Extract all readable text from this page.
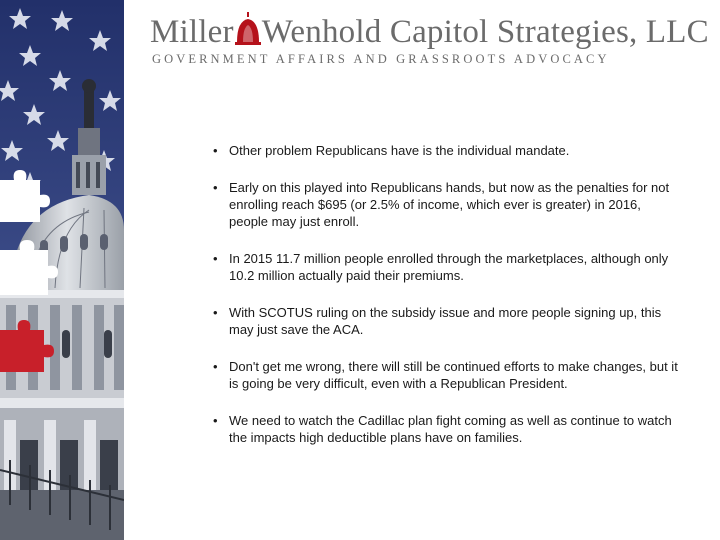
Miller Wenhold Capitol Strategies, LLC
GOVERNMENT AFFAIRS AND GRASSROOTS ADVOCACY
• Other problem Republicans have is the individual mandate.
• Early on this played into Republicans hands, but now as the penalties for not enrolling reach $695 (or 2.5% of income, which ever is greater) in 2016, people may just enroll.
• In 2015 11.7 million people enrolled through the marketplaces, although only 10.2 million actually paid their premiums.
• With SCOTUS ruling on the subsidy issue and more people signing up, this may just save the ACA.
• Don't get me wrong, there will still be continued efforts to make changes, but it is going be very difficult, even with a Republican President.
• We need to watch the Cadillac plan fight coming as well as continue to watch the impacts high deductible plans have on families.
